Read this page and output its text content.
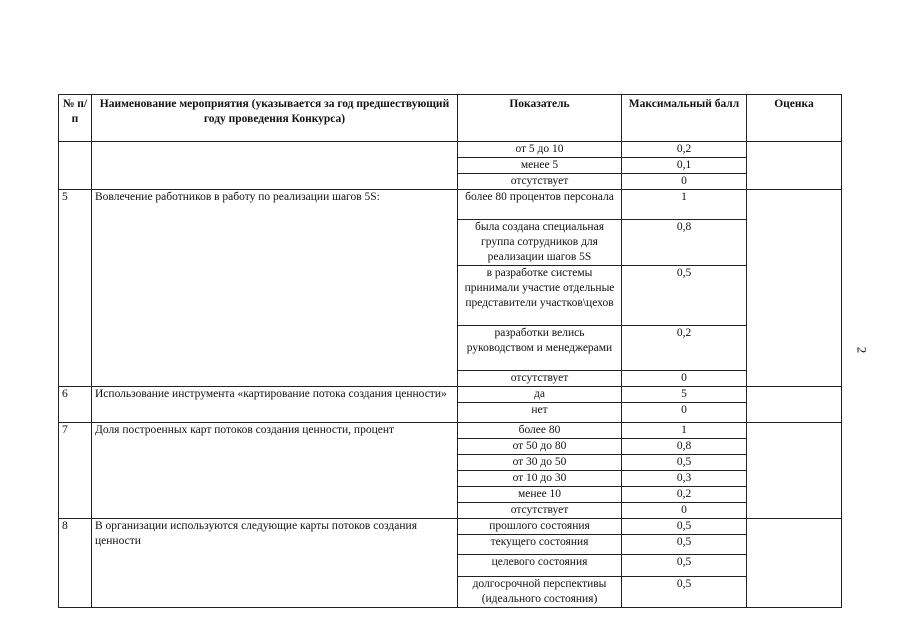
№ п/п	Наименование мероприятия (указывается за год предшествующий году проведения Конкурса)	Показатель	Максимальный балл	Оценка
		от 5 до 10	0,2	
		менее 5	0,1	
		отсутствует	0	
5	Вовлечение работников в работу по реализации шагов 5S:	более 80 процентов персонала	1	
		была создана специальная группа сотрудников для реализации шагов 5S	0,8	
		в разработке системы принимали участие отдельные представители участков\цехов	0,5	
		разработки велись руководством и менеджерами	0,2	
		отсутствует	0	
6	Использование инструмента «картирование потока создания ценности»	да	5	
		нет	0	
7	Доля построенных карт потоков создания ценности, процент	более 80	1	
		от 50 до 80	0,8	
		от 30 до 50	0,5	
		от 10 до 30	0,3	
		менее 10	0,2	
		отсутствует	0	
8	В организации используются следующие карты потоков создания ценности	прошлого состояния	0,5	
		текущего состояния	0,5	
		целевого состояния	0,5	
		долгосрочной перспективы (идеального состояния)	0,5	
2
